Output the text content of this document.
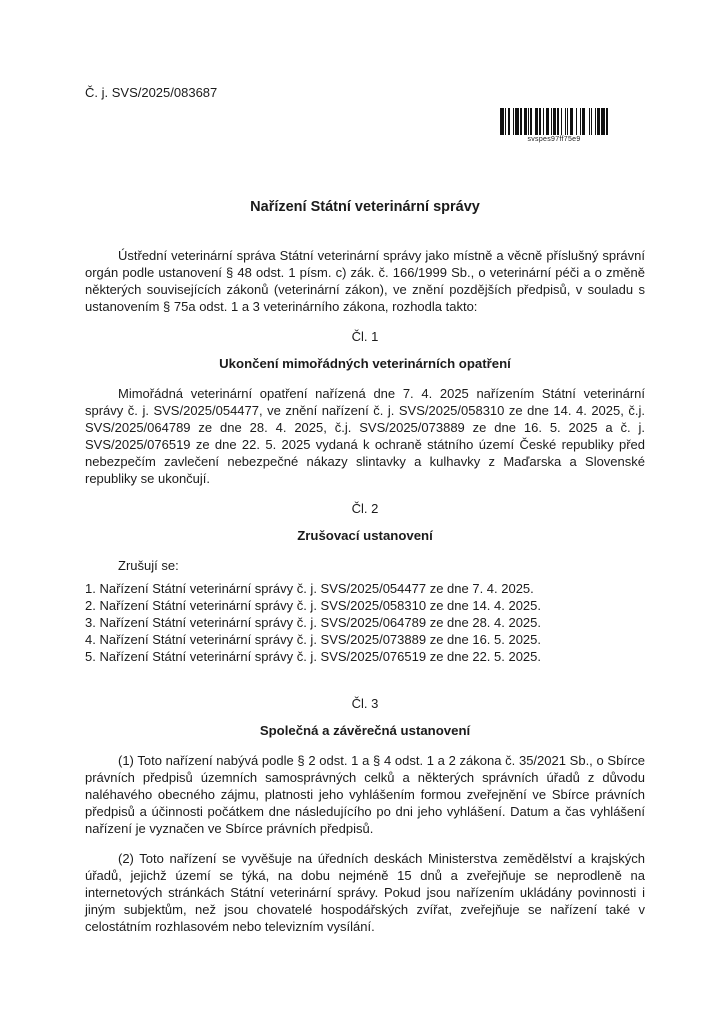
svspes97ff75e9

Č. j. SVS/2025/083687

Nařízení Státní veterinární správy

Ústřední veterinární správa Státní veterinární správy jako místně a věcně příslušný správní orgán podle ustanovení § 48 odst. 1 písm. c) zák. č. 166/1999 Sb., o veterinární péči a o změně některých souvisejících zákonů (veterinární zákon), ve znění pozdějších předpisů, v souladu s ustanovením § 75a odst. 1 a 3 veterinárního zákona, rozhodla takto:

Čl. 1

Ukončení mimořádných veterinárních opatření

Mimořádná veterinární opatření nařízená dne 7. 4. 2025 nařízením Státní veterinární správy č. j. SVS/2025/054477, ve znění nařízení č. j. SVS/2025/058310 ze dne 14. 4. 2025, č.j. SVS/2025/064789 ze dne 28. 4. 2025, č.j. SVS/2025/073889 ze dne 16. 5. 2025 a č. j. SVS/2025/076519 ze dne 22. 5. 2025 vydaná k ochraně státního území České republiky před nebezpečím zavlečení nebezpečné nákazy slintavky a kulhavky z Maďarska a Slovenské republiky se ukončují.

Čl. 2

Zrušovací ustanovení

Zrušují se:

1. Nařízení Státní veterinární správy č. j. SVS/2025/054477 ze dne 7. 4. 2025.

2. Nařízení Státní veterinární správy č. j. SVS/2025/058310 ze dne 14. 4. 2025.

3. Nařízení Státní veterinární správy č. j. SVS/2025/064789 ze dne 28. 4. 2025.

4. Nařízení Státní veterinární správy č. j. SVS/2025/073889 ze dne 16. 5. 2025.

5. Nařízení Státní veterinární správy č. j. SVS/2025/076519 ze dne 22. 5. 2025.

Čl. 3

Společná a závěrečná ustanovení

(1) Toto nařízení nabývá podle § 2 odst. 1 a § 4 odst. 1 a 2 zákona č. 35/2021 Sb., o Sbírce právních předpisů územních samosprávných celků a některých správních úřadů z důvodu naléhavého obecného zájmu, platnosti jeho vyhlášením formou zveřejnění ve Sbírce právních předpisů a účinnosti počátkem dne následujícího po dni jeho vyhlášení. Datum a čas vyhlášení nařízení je vyznačen ve Sbírce právních předpisů.

(2) Toto nařízení se vyvěšuje na úředních deskách Ministerstva zemědělství a krajských úřadů, jejichž území se týká, na dobu nejméně 15 dnů a zveřejňuje se neprodleně na internetových stránkách Státní veterinární správy. Pokud jsou nařízením ukládány povinnosti i jiným subjektům, než jsou chovatelé hospodářských zvířat, zveřejňuje se nařízení také v celostátním rozhlasovém nebo televizním vysílání.
